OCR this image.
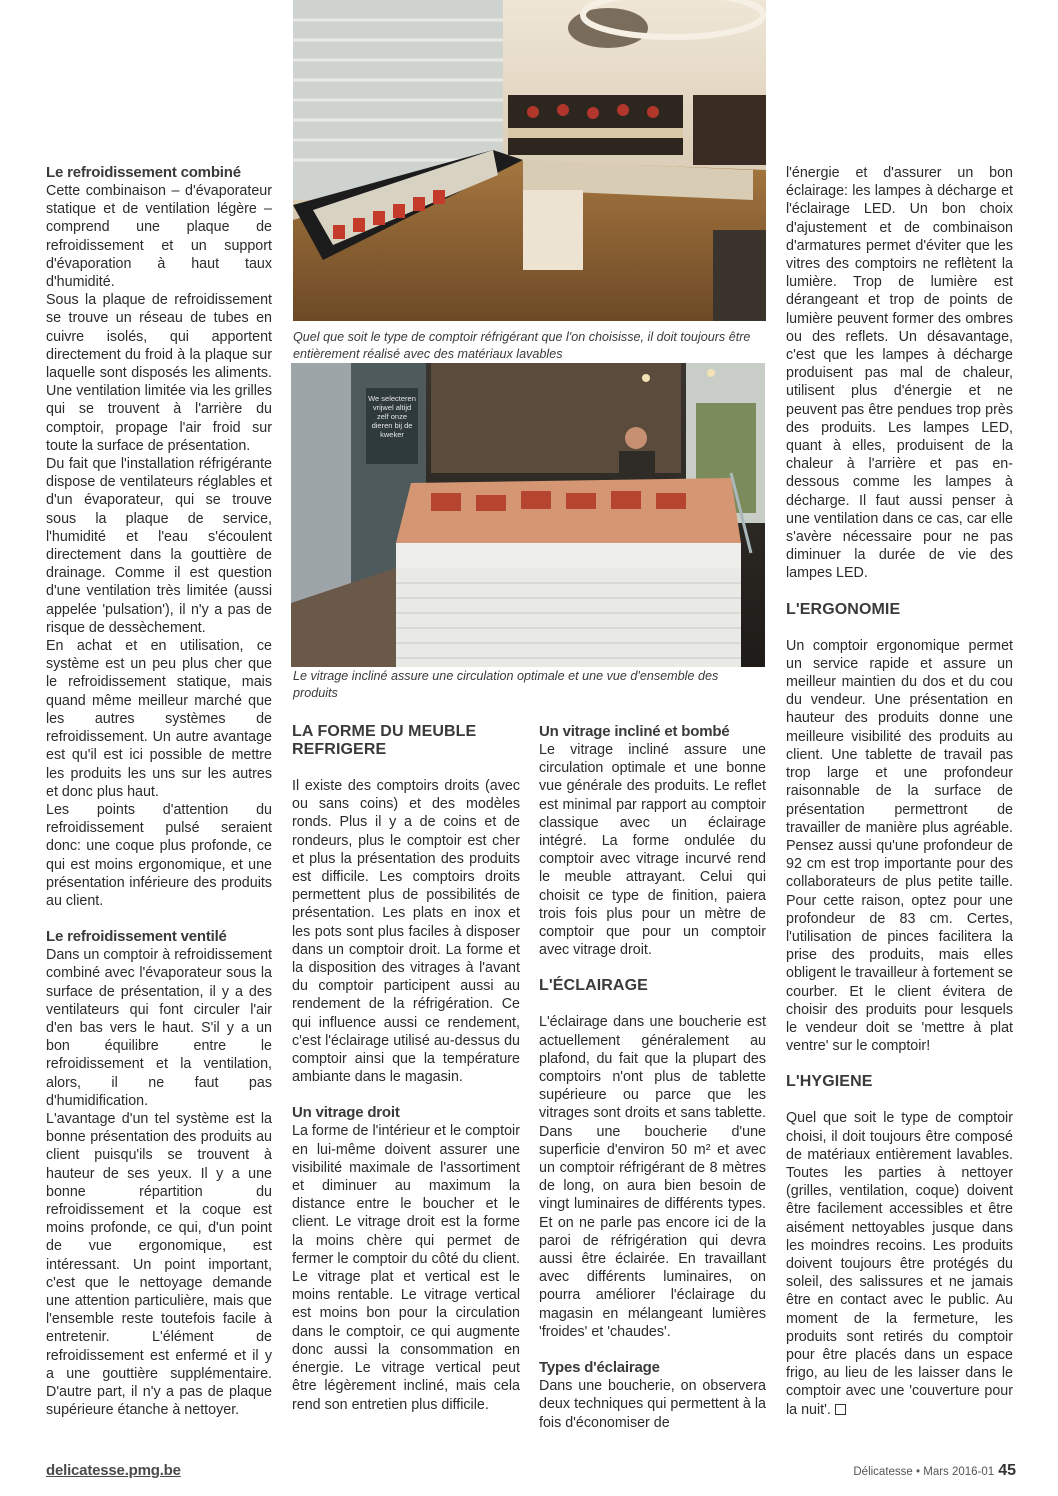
Le refroidissement combiné

Cette combinaison – d'évaporateur statique et de ventilation légère – comprend une plaque de refroidissement et un support d'évaporation à haut taux d'humidité.

Sous la plaque de refroidissement se trouve un réseau de tubes en cuivre isolés, qui apportent directement du froid à la plaque sur laquelle sont disposés les aliments. Une ventilation limitée via les grilles qui se trouvent à l'arrière du comptoir, propage l'air froid sur toute la surface de présentation.

Du fait que l'installation réfrigérante dispose de ventilateurs réglables et d'un évaporateur, qui se trouve sous la plaque de service, l'humidité et l'eau s'écoulent directement dans la gouttière de drainage. Comme il est question d'une ventilation très limitée (aussi appelée 'pulsation'), il n'y a pas de risque de dessèchement.

En achat et en utilisation, ce système est un peu plus cher que le refroidissement statique, mais quand même meilleur marché que les autres systèmes de refroidissement. Un autre avantage est qu'il est ici possible de mettre les produits les uns sur les autres et donc plus haut.

Les points d'attention du refroidissement pulsé seraient donc: une coque plus profonde, ce qui est moins ergonomique, et une présentation inférieure des produits au client.

Le refroidissement ventilé

Dans un comptoir à refroidissement combiné avec l'évaporateur sous la surface de présentation, il y a des ventilateurs qui font circuler l'air d'en bas vers le haut. S'il y a un bon équilibre entre le refroidissement et la ventilation, alors, il ne faut pas d'humidification.

L'avantage d'un tel système est la bonne présentation des produits au client puisqu'ils se trouvent à hauteur de ses yeux. Il y a une bonne répartition du refroidissement et la coque est moins profonde, ce qui, d'un point de vue ergonomique, est intéressant. Un point important, c'est que le nettoyage demande une attention particulière, mais que l'ensemble reste toutefois facile à entretenir. L'élément de refroidissement est enfermé et il y a une gouttière supplémentaire. D'autre part, il n'y a pas de plaque supérieure étanche à nettoyer.

Quel que soit le type de comptoir réfrigérant que l'on choisisse, il doit toujours être entièrement réalisé avec des matériaux lavables
We selecteren vrijwel altijd zelf onze dieren bij de kweker
Le vitrage incliné assure une circulation optimale et une vue d'ensemble des produits

LA FORME DU MEUBLE REFRIGERE

Il existe des comptoirs droits (avec ou sans coins) et des modèles ronds. Plus il y a de coins et de rondeurs, plus le comptoir est cher et plus la présentation des produits est difficile. Les comptoirs droits permettent plus de possibilités de présentation. Les plats en inox et les pots sont plus faciles à disposer dans un comptoir droit. La forme et la disposition des vitrages à l'avant du comptoir participent aussi au rendement de la réfrigération. Ce qui influence aussi ce rendement, c'est l'éclairage utilisé au-dessus du comptoir ainsi que la température ambiante dans le magasin.

Un vitrage droit

La forme de l'intérieur et le comptoir en lui-même doivent assurer une visibilité maximale de l'assortiment et diminuer au maximum la distance entre le boucher et le client. Le vitrage droit est la forme la moins chère qui permet de fermer le comptoir du côté du client. Le vitrage plat et vertical est le moins rentable. Le vitrage vertical est moins bon pour la circulation dans le comptoir, ce qui augmente donc aussi la consommation en énergie. Le vitrage vertical peut être légèrement incliné, mais cela rend son entretien plus difficile.

Un vitrage incliné et bombé

Le vitrage incliné assure une circulation optimale et une bonne vue générale des produits. Le reflet est minimal par rapport au comptoir classique avec un éclairage intégré. La forme ondulée du comptoir avec vitrage incurvé rend le meuble attrayant. Celui qui choisit ce type de finition, paiera trois fois plus pour un mètre de comptoir que pour un comptoir avec vitrage droit.

L'ÉCLAIRAGE

L'éclairage dans une boucherie est actuellement généralement au plafond, du fait que la plupart des comptoirs n'ont plus de tablette supérieure ou parce que les vitrages sont droits et sans tablette. Dans une boucherie d'une superficie d'environ 50 m² et avec un comptoir réfrigérant de 8 mètres de long, on aura bien besoin de vingt luminaires de différents types. Et on ne parle pas encore ici de la paroi de réfrigération qui devra aussi être éclairée. En travaillant avec différents luminaires, on pourra améliorer l'éclairage du magasin en mélangeant lumières 'froides' et 'chaudes'.

Types d'éclairage

Dans une boucherie, on observera deux techniques qui permettent à la fois d'économiser de

l'énergie et d'assurer un bon éclairage: les lampes à décharge et l'éclairage LED. Un bon choix d'ajustement et de combinaison d'armatures permet d'éviter que les vitres des comptoirs ne reflètent la lumière. Trop de lumière est dérangeant et trop de points de lumière peuvent former des ombres ou des reflets. Un désavantage, c'est que les lampes à décharge produisent pas mal de chaleur, utilisent plus d'énergie et ne peuvent pas être pendues trop près des produits. Les lampes LED, quant à elles, produisent de la chaleur à l'arrière et pas en-dessous comme les lampes à décharge. Il faut aussi penser à une ventilation dans ce cas, car elle s'avère nécessaire pour ne pas diminuer la durée de vie des lampes LED.

L'ERGONOMIE

Un comptoir ergonomique permet un service rapide et assure un meilleur maintien du dos et du cou du vendeur. Une présentation en hauteur des produits donne une meilleure visibilité des produits au client. Une tablette de travail pas trop large et une profondeur raisonnable de la surface de présentation permettront de travailler de manière plus agréable. Pensez aussi qu'une profondeur de 92 cm est trop importante pour des collaborateurs de plus petite taille. Pour cette raison, optez pour une profondeur de 83 cm. Certes, l'utilisation de pinces facilitera la prise des produits, mais elles obligent le travailleur à fortement se courber. Et le client évitera de choisir des produits pour lesquels le vendeur doit se 'mettre à plat ventre' sur le comptoir!

L'HYGIENE

Quel que soit le type de comptoir choisi, il doit toujours être composé de matériaux entièrement lavables. Toutes les parties à nettoyer (grilles, ventilation, coque) doivent être facilement accessibles et être aisément nettoyables jusque dans les moindres recoins. Les produits doivent toujours être protégés du soleil, des salissures et ne jamais être en contact avec le public. Au moment de la fermeture, les produits sont retirés du comptoir pour être placés dans un espace frigo, au lieu de les laisser dans le comptoir avec une 'couverture pour la nuit'.

delicatesse.pmg.be	Délicatesse • Mars 2016-01 45
